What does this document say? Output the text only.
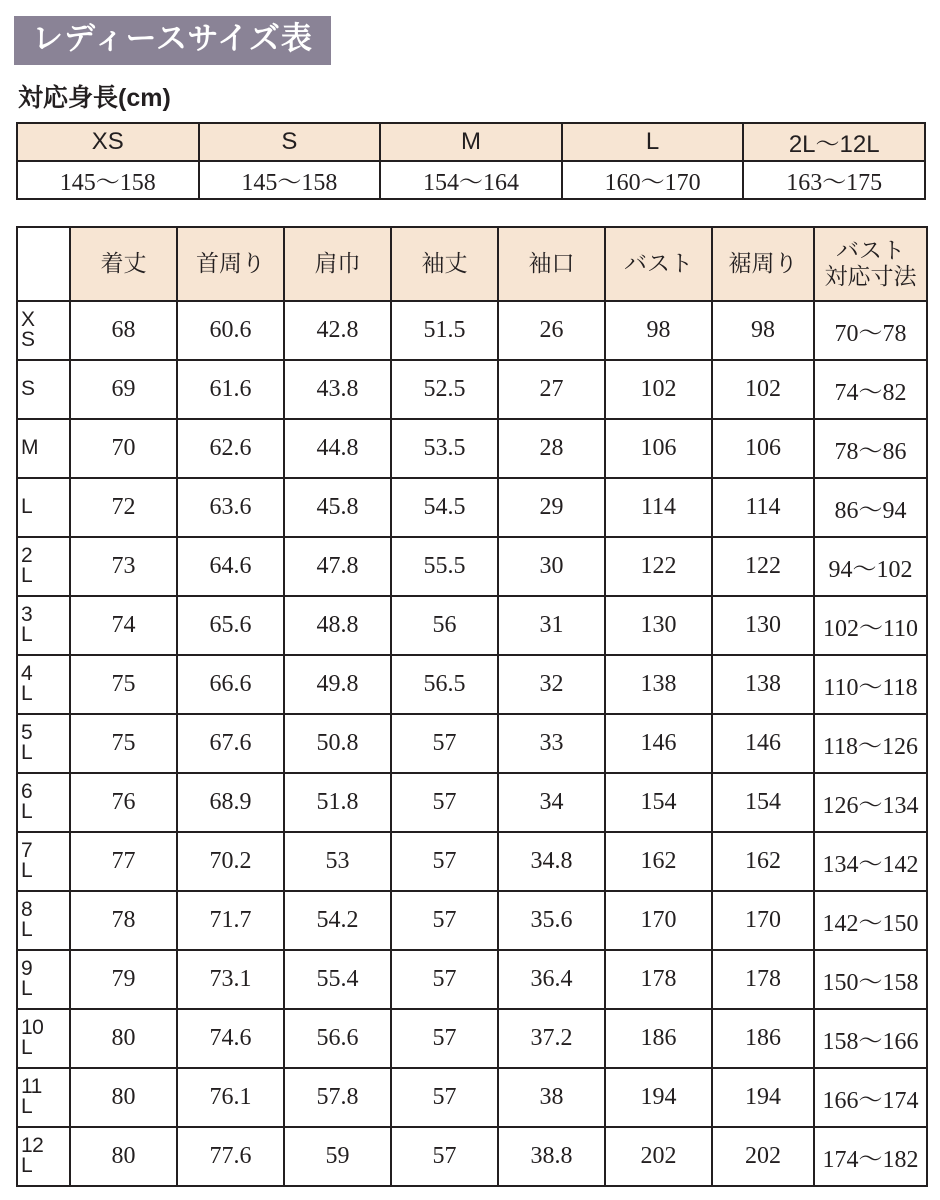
レディースサイズ表
対応身長(cm)
XS	S	M	L	2L〜12L
145〜158	145〜158	154〜164	160〜170	163〜175
	着丈	首周り	肩巾	袖丈	袖口	バスト	裾周り	バスト
対応寸法

X
S	68	60.6	42.8	51.5	26	98	98	70〜78

S	69	61.6	43.8	52.5	27	102	102	74〜82

M	70	62.6	44.8	53.5	28	106	106	78〜86

L	72	63.6	45.8	54.5	29	114	114	86〜94

2
L	73	64.6	47.8	55.5	30	122	122	94〜102

3
L	74	65.6	48.8	56	31	130	130	102〜110

4
L	75	66.6	49.8	56.5	32	138	138	110〜118

5
L	75	67.6	50.8	57	33	146	146	118〜126

6
L	76	68.9	51.8	57	34	154	154	126〜134

7
L	77	70.2	53	57	34.8	162	162	134〜142

8
L	78	71.7	54.2	57	35.6	170	170	142〜150

9
L	79	73.1	55.4	57	36.4	178	178	150〜158

10
L	80	74.6	56.6	57	37.2	186	186	158〜166

11
L	80	76.1	57.8	57	38	194	194	166〜174

12
L	80	77.6	59	57	38.8	202	202	174〜182
